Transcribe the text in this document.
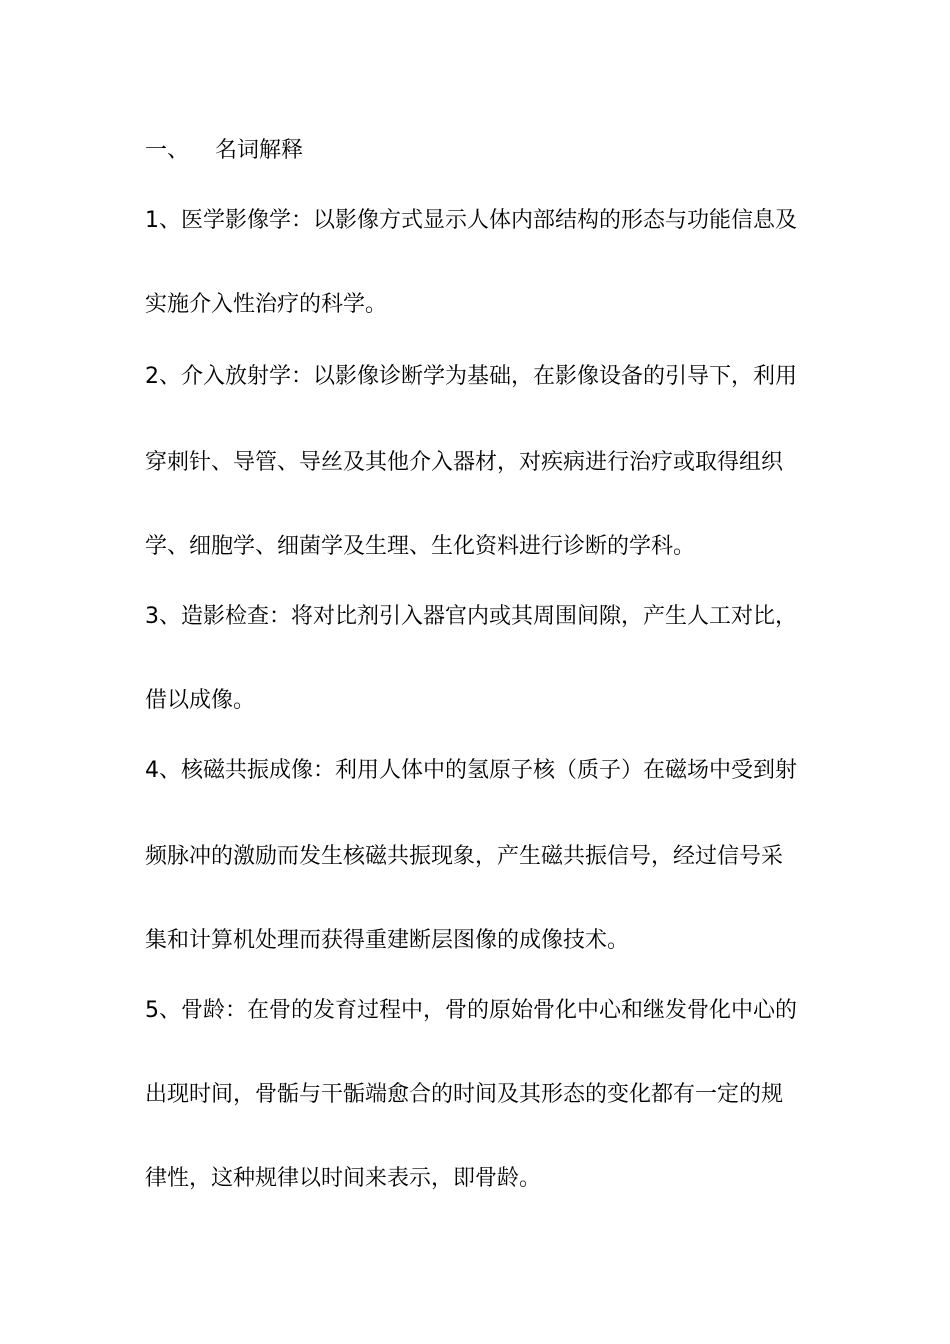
一、 名词解释
1、医学影像学：以影像方式显示人体内部结构的形态与功能信息及
实施介入性治疗的科学。
2、介入放射学：以影像诊断学为基础，在影像设备的引导下，利用
穿刺针、导管、导丝及其他介入器材，对疾病进行治疗或取得组织
学、细胞学、细菌学及生理、生化资料进行诊断的学科。
3、造影检查：将对比剂引入器官内或其周围间隙，产生人工对比，
借以成像。
4、核磁共振成像：利用人体中的氢原子核（质子）在磁场中受到射
频脉冲的激励而发生核磁共振现象，产生磁共振信号，经过信号采
集和计算机处理而获得重建断层图像的成像技术。
5、骨龄：在骨的发育过程中，骨的原始骨化中心和继发骨化中心的
出现时间，骨骺与干骺端愈合的时间及其形态的变化都有一定的规
律性，这种规律以时间来表示，即骨龄。
